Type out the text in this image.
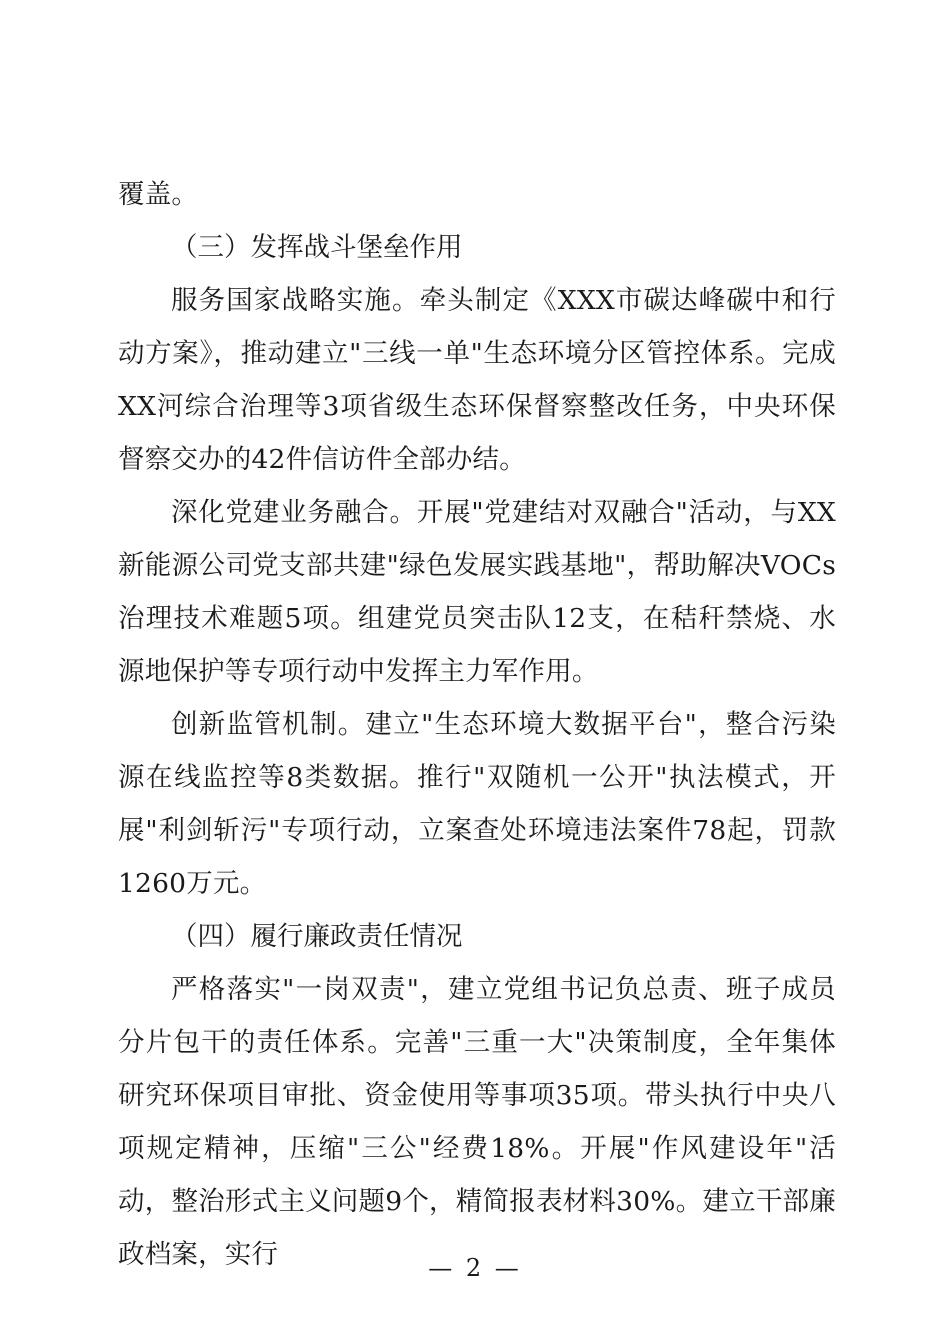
覆盖。

（三）发挥战斗堡垒作用

服务国家战略实施。牵头制定《XXX市碳达峰碳中和行动方案》，推动建立"三线一单"生态环境分区管控体系。完成XX河综合治理等3项省级生态环保督察整改任务，中央环保督察交办的42件信访件全部办结。

深化党建业务融合。开展"党建结对双融合"活动，与XX新能源公司党支部共建"绿色发展实践基地"，帮助解决VOCs治理技术难题5项。组建党员突击队12支，在秸秆禁烧、水源地保护等专项行动中发挥主力军作用。

创新监管机制。建立"生态环境大数据平台"，整合污染源在线监控等8类数据。推行"双随机一公开"执法模式，开展"利剑斩污"专项行动，立案查处环境违法案件78起，罚款1260万元。

（四）履行廉政责任情况

严格落实"一岗双责"，建立党组书记负总责、班子成员分片包干的责任体系。完善"三重一大"决策制度，全年集体研究环保项目审批、资金使用等事项35项。带头执行中央八项规定精神，压缩"三公"经费18%。开展"作风建设年"活动，整治形式主义问题9个，精简报表材料30%。建立干部廉政档案，实行	— 2 —
